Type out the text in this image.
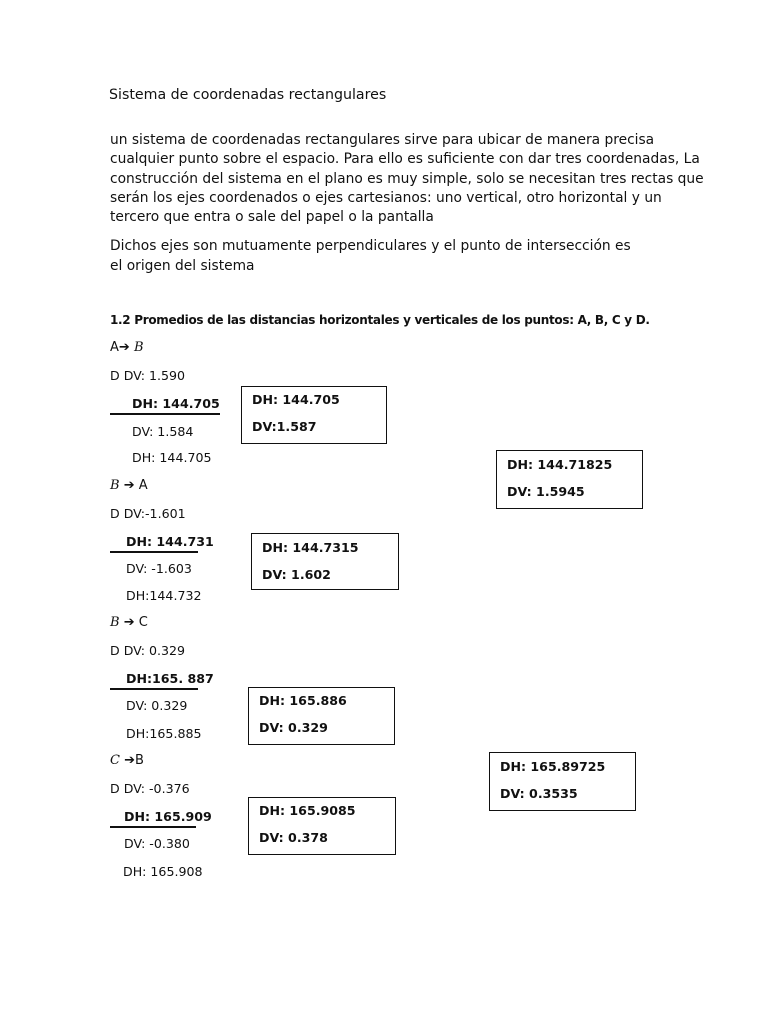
Sistema de coordenadas rectangulares
un sistema de coordenadas rectangulares sirve para ubicar de manera precisa
cualquier punto sobre el espacio. Para ello es suficiente con dar tres coordenadas, La
construcción del sistema en el plano es muy simple, solo se necesitan tres rectas que
serán los ejes coordenados o ejes cartesianos: uno vertical, otro horizontal y un
tercero que entra o sale del papel o la pantalla
Dichos ejes son mutuamente perpendiculares y el punto de intersección es
el origen del sistema
1.2 Promedios de las distancias horizontales y verticales de los puntos: A, B, C y D.
A➔ B
D DV: 1.590
DH: 144.705
DV: 1.584
DH: 144.705
DH: 144.705
DV:1.587
DH: 144.71825
DV: 1.5945
B ➔ A
D DV:-1.601
DH: 144.731
DV: -1.603
DH:144.732
DH: 144.7315
DV: 1.602
B ➔ C
D DV: 0.329
DH:165. 887
DV: 0.329
DH:165.885
DH: 165.886
DV: 0.329
DH: 165.89725
DV: 0.3535
C ➔B
D DV: -0.376
DH: 165.909
DV: -0.380
DH: 165.908
DH: 165.9085
DV: 0.378
